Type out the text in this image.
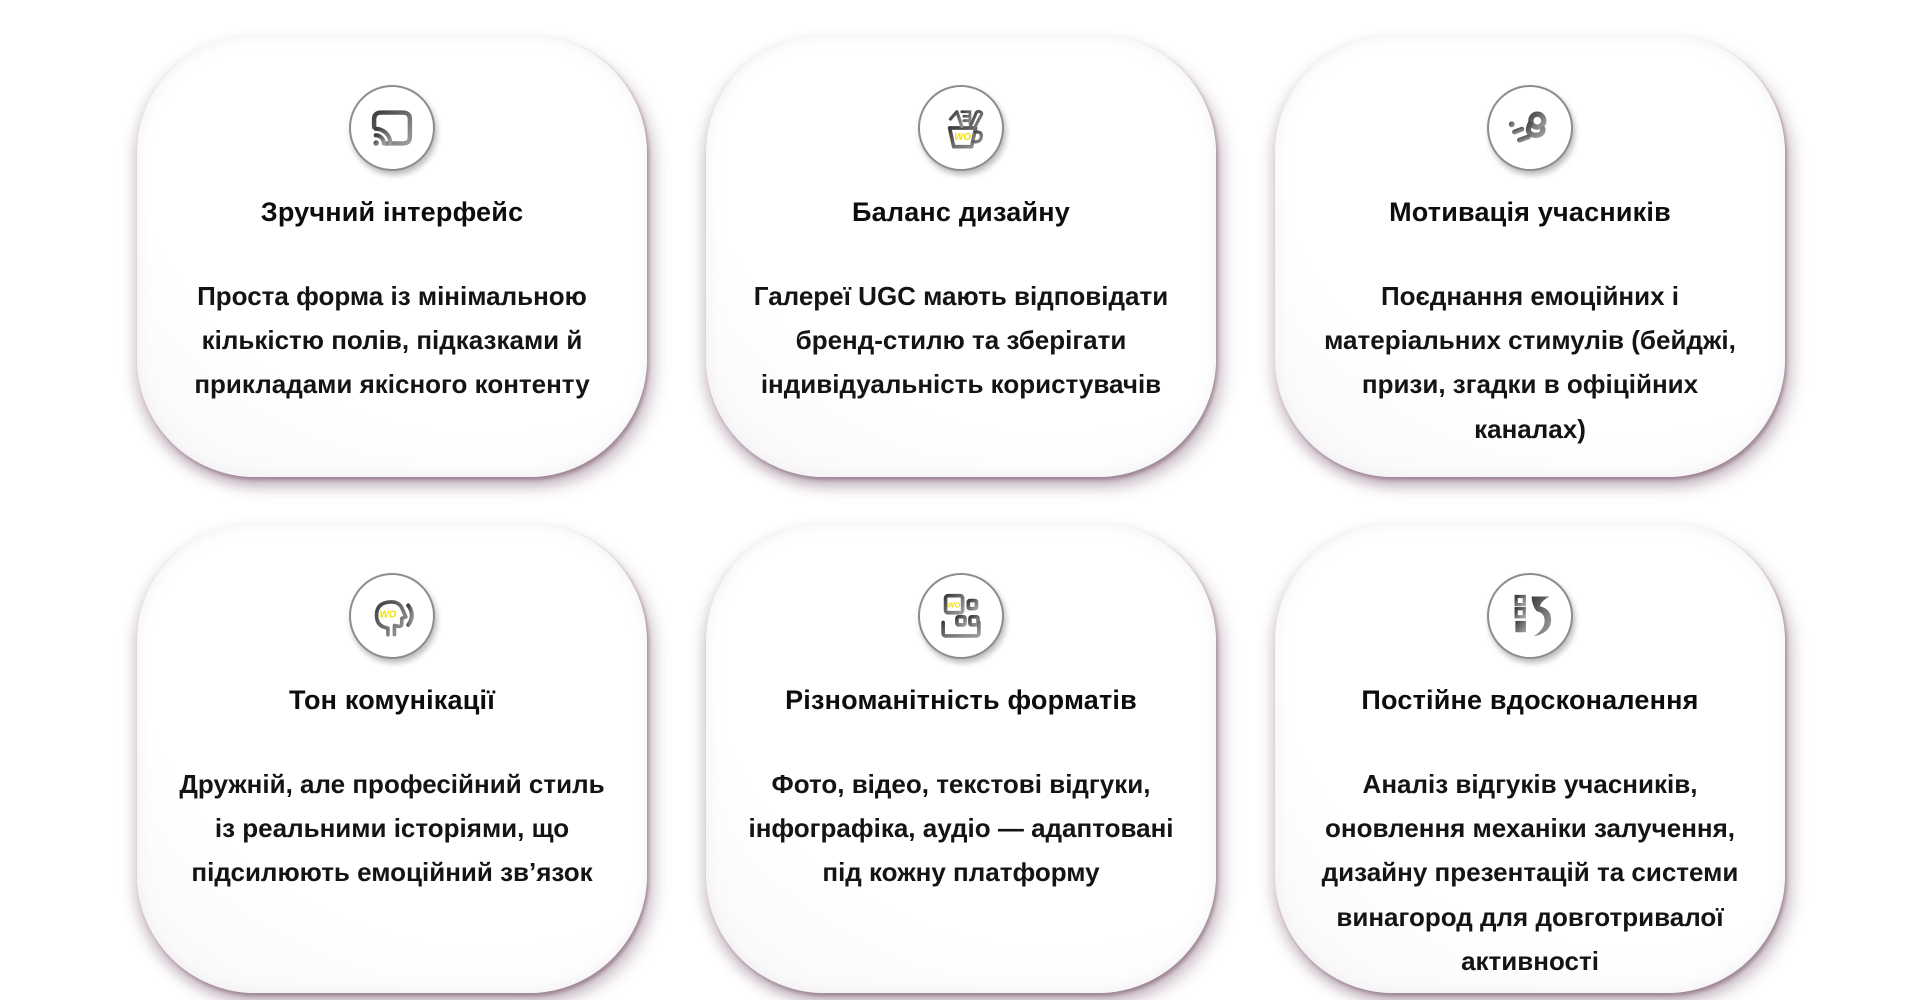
Зручний інтерфейс

Проста форма із мінімальною кількістю полів, підказками й прикладами якісного контенту

WO
Баланс дизайну

Галереї UGC мають відповідати бренд-стилю та зберігати індивідуальність користувачів

Мотивація учасників

Поєднання емоційних і матеріальних стимулів (бейджі, призи, згадки в офіційних каналах)

WO
Тон комунікації

Дружній, але професійний стиль із реальними історіями, що підсилюють емоційний зв’язок

WO
Різноманітність форматів

Фото, відео, текстові відгуки, інфографіка, аудіо — адаптовані під кожну платформу

Постійне вдосконалення

Аналіз відгуків учасників, оновлення механіки залучення, дизайну презентацій та системи винагород для довготривалої активності
